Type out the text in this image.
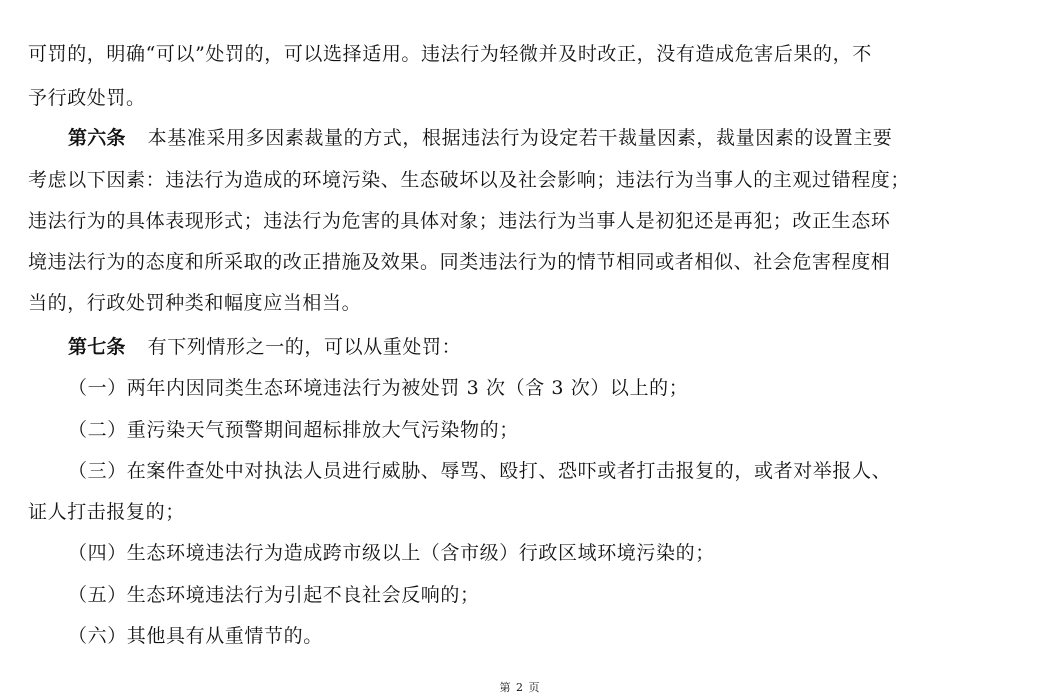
可罚的，明确“可以”处罚的，可以选择适用。违法行为轻微并及时改正，没有造成危害后果的，不
予行政处罚。
第六条 本基准采用多因素裁量的方式，根据违法行为设定若干裁量因素，裁量因素的设置主要
考虑以下因素：违法行为造成的环境污染、生态破坏以及社会影响；违法行为当事人的主观过错程度；
违法行为的具体表现形式；违法行为危害的具体对象；违法行为当事人是初犯还是再犯；改正生态环
境违法行为的态度和所采取的改正措施及效果。同类违法行为的情节相同或者相似、社会危害程度相
当的，行政处罚种类和幅度应当相当。
第七条 有下列情形之一的，可以从重处罚：
（一）两年内因同类生态环境违法行为被处罚 3 次（含 3 次）以上的；
（二）重污染天气预警期间超标排放大气污染物的；
（三）在案件查处中对执法人员进行威胁、辱骂、殴打、恐吓或者打击报复的，或者对举报人、
证人打击报复的；
（四）生态环境违法行为造成跨市级以上（含市级）行政区域环境污染的；
（五）生态环境违法行为引起不良社会反响的；
（六）其他具有从重情节的。
第 2 页
